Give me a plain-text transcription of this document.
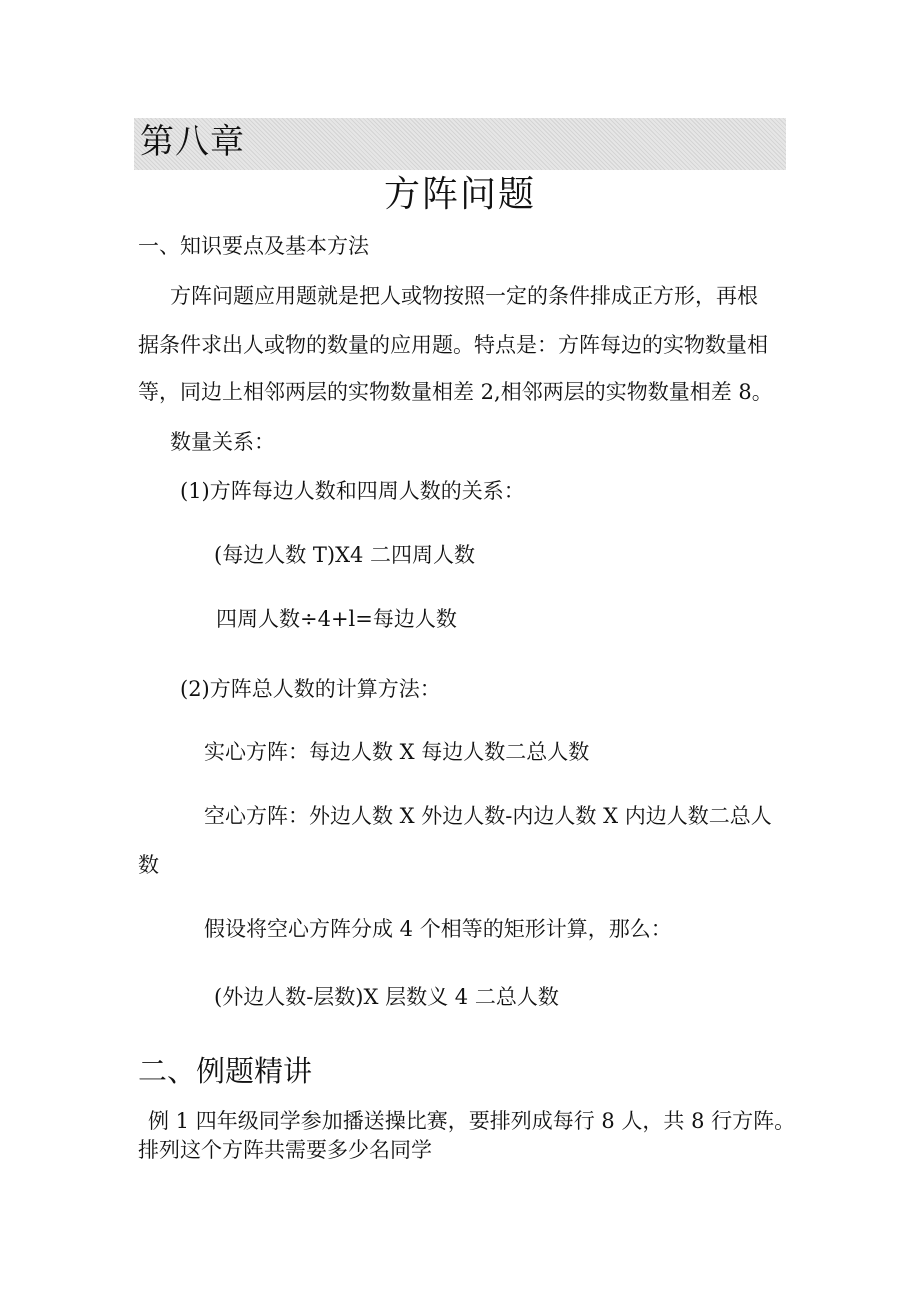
第八章
方阵问题
一、知识要点及基本方法
方阵问题应用题就是把人或物按照一定的条件排成正方形，再根
据条件求出人或物的数量的应用题。特点是：方阵每边的实物数量相
等，同边上相邻两层的实物数量相差 2,相邻两层的实物数量相差 8。
数量关系：
(1)方阵每边人数和四周人数的关系：
(每边人数 T)X4 二四周人数
四周人数÷4+l=每边人数
(2)方阵总人数的计算方法：
实心方阵：每边人数 X 每边人数二总人数
空心方阵：外边人数 X 外边人数-内边人数 X 内边人数二总人
数
假设将空心方阵分成 4 个相等的矩形计算，那么：
(外边人数-层数)X 层数义 4 二总人数
二、例题精讲
例 1 四年级同学参加播送操比赛，要排列成每行 8 人，共 8 行方阵。
排列这个方阵共需要多少名同学
